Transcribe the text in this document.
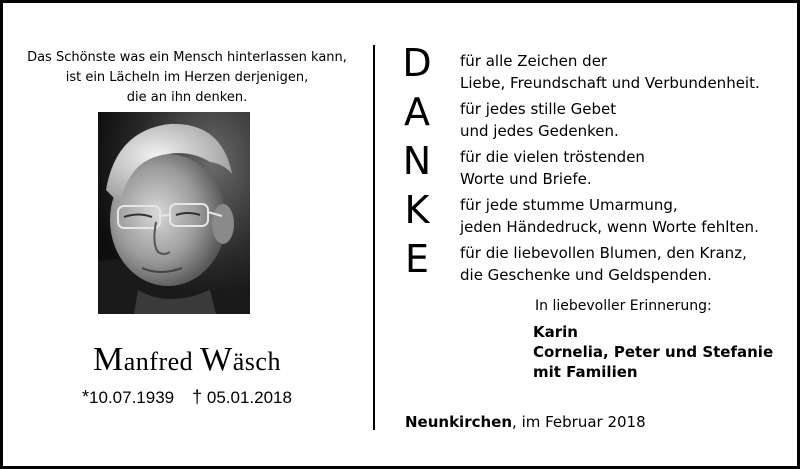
Das Schönste was ein Mensch hinterlassen kann,
ist ein Lächeln im Herzen derjenigen,
die an ihn denken.
Manfred Wäsch
*10.07.1939 † 05.01.2018
D
A
N
K
E
für alle Zeichen der
Liebe, Freundschaft und Verbundenheit.
für jedes stille Gebet
und jedes Gedenken.
für die vielen tröstenden
Worte und Briefe.
für jede stumme Umarmung,
jeden Händedruck, wenn Worte fehlten.
für die liebevollen Blumen, den Kranz,
die Geschenke und Geldspenden.
In liebevoller Erinnerung:
Karin
Cornelia, Peter und Stefanie
mit Familien
Neunkirchen, im Februar 2018
